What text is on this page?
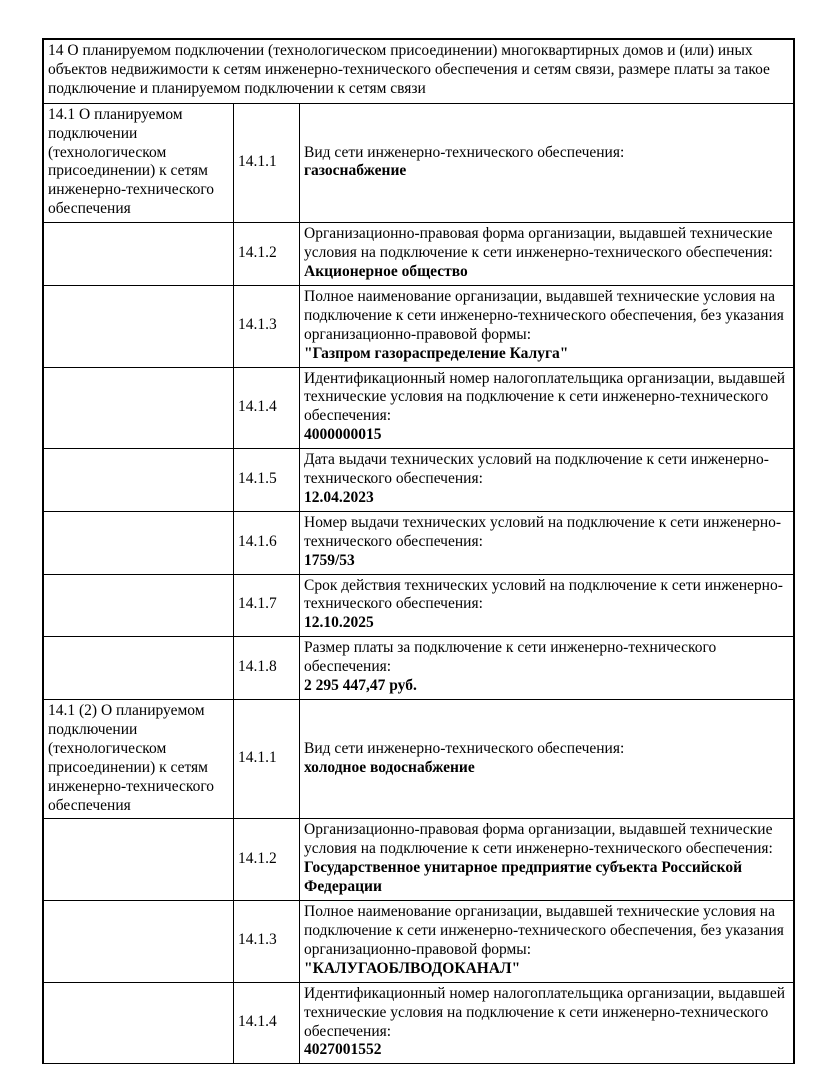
14 О планируемом подключении (технологическом присоединении) многоквартирных домов и (или) иных объектов недвижимости к сетям инженерно-технического обеспечения и сетям связи, размере платы за такое подключение и планируемом подключении к сетям связи
14.1 О планируемом подключении (технологическом присоединении) к сетям инженерно-технического обеспечения
14.1.1
Вид сети инженерно-технического обеспечения:
газоснабжение
14.1.2
Организационно-правовая форма организации, выдавшей технические условия на подключение к сети инженерно-технического обеспечения:
Акционерное общество
14.1.3
Полное наименование организации, выдавшей технические условия на подключение к сети инженерно-технического обеспечения, без указания организационно-правовой формы:
"Газпром газораспределение Калуга"
14.1.4
Идентификационный номер налогоплательщика организации, выдавшей технические условия на подключение к сети инженерно-технического обеспечения:
4000000015
14.1.5
Дата выдачи технических условий на подключение к сети инженерно-технического обеспечения:
12.04.2023
14.1.6
Номер выдачи технических условий на подключение к сети инженерно-технического обеспечения:
1759/53
14.1.7
Срок действия технических условий на подключение к сети инженерно-технического обеспечения:
12.10.2025
14.1.8
Размер платы за подключение к сети инженерно-технического обеспечения:
2 295 447,47 руб.
14.1 (2) О планируемом подключении (технологическом присоединении) к сетям инженерно-технического обеспечения
14.1.1
Вид сети инженерно-технического обеспечения:
холодное водоснабжение
14.1.2
Организационно-правовая форма организации, выдавшей технические условия на подключение к сети инженерно-технического обеспечения:
Государственное унитарное предприятие субъекта Российской Федерации
14.1.3
Полное наименование организации, выдавшей технические условия на подключение к сети инженерно-технического обеспечения, без указания организационно-правовой формы:
"КАЛУГАОБЛВОДОКАНАЛ"
14.1.4
Идентификационный номер налогоплательщика организации, выдавшей технические условия на подключение к сети инженерно-технического обеспечения:
4027001552
